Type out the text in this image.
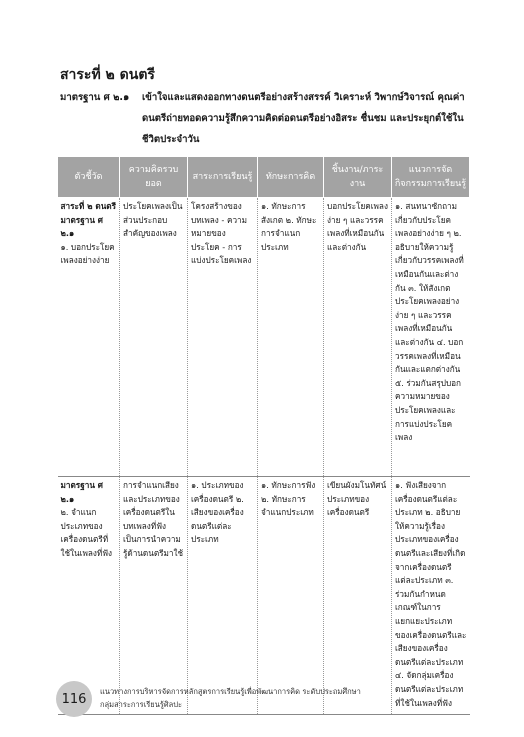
สาระที่ ๒ ดนตรี
มาตรฐาน ศ ๒.๑	เข้าใจและแสดงออกทางดนตรีอย่างสร้างสรรค์ วิเคราะห์ วิพากษ์วิจารณ์ คุณค่าดนตรีถ่ายทอดความรู้สึกความคิดต่อดนตรีอย่างอิสระ ชื่นชม และประยุกต์ใช้ในชีวิตประจำวัน
ตัวชี้วัด	ความคิดรวบยอด	สาระการเรียนรู้	ทักษะการคิด	ชิ้นงาน/ภาระงาน	แนวการจัดกิจกรรมการเรียนรู้

สาระที่ ๒ ดนตรี มาตรฐาน ศ ๒.๑
๑. บอกประโยคเพลงอย่างง่าย	ประโยคเพลงเป็นส่วนประกอบสำคัญของเพลง	โครงสร้างของบทเพลง - ความหมายของประโยค - การแบ่งประโยคเพลง	๑. ทักษะการสังเกต ๒. ทักษะการจำแนกประเภท	บอกประโยคเพลงง่าย ๆ และวรรคเพลงที่เหมือนกันและต่างกัน	๑. สนทนาซักถามเกี่ยวกับประโยคเพลงอย่างง่าย ๆ ๒. อธิบายให้ความรู้เกี่ยวกับวรรคเพลงที่เหมือนกันและต่างกัน ๓. ให้สังเกตประโยคเพลงอย่างง่าย ๆ และวรรคเพลงที่เหมือนกันและต่างกัน ๔. บอกวรรคเพลงที่เหมือนกันและแตกต่างกัน ๕. ร่วมกันสรุปบอกความหมายของประโยคเพลงและการแบ่งประโยคเพลง

มาตรฐาน ศ ๒.๑
๒. จำแนกประเภทของเครื่องดนตรีที่ใช้ในเพลงที่ฟัง	การจำแนกเสียงและประเภทของเครื่องดนตรีในบทเพลงที่ฟังเป็นการนำความรู้ด้านดนตรีมาใช้	๑. ประเภทของเครื่องดนตรี ๒. เสียงของเครื่องดนตรีแต่ละประเภท	๑. ทักษะการฟัง ๒. ทักษะการจำแนกประเภท	เขียนผังมโนทัศน์ประเภทของเครื่องดนตรี	๑. ฟังเสียงจากเครื่องดนตรีแต่ละประเภท ๒. อธิบายให้ความรู้เรื่องประเภทของเครื่องดนตรีและเสียงที่เกิดจากเครื่องดนตรีแต่ละประเภท ๓. ร่วมกันกำหนดเกณฑ์ในการแยกแยะประเภทของเครื่องดนตรีและเสียงของเครื่องดนตรีแต่ละประเภท ๔. จัดกลุ่มเครื่องดนตรีแต่ละประเภทที่ใช้ในเพลงที่ฟัง
116 แนวทางการบริหารจัดการหลักสูตรการเรียนรู้เพื่อพัฒนาการคิด ระดับประถมศึกษา
กลุ่มสาระการเรียนรู้ศิลปะ
